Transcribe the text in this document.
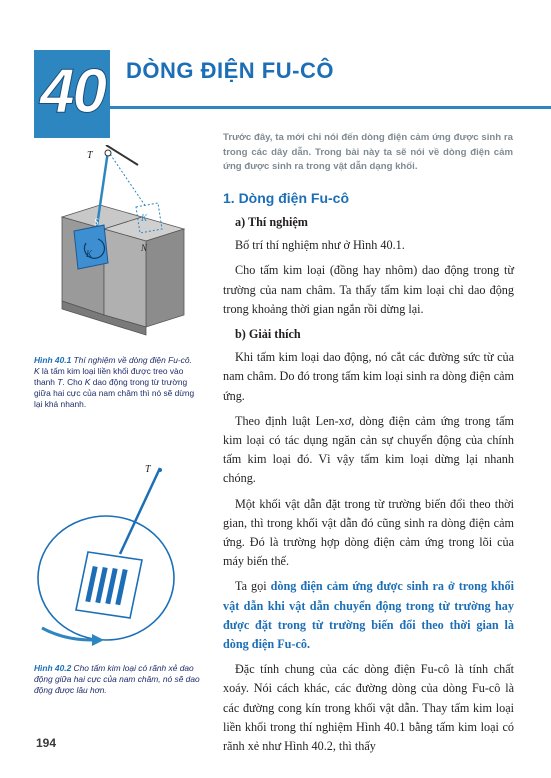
40 DÒNG ĐIỆN FU-CÔ

Trước đây, ta mới chỉ nói đến dòng điện cảm ứng được sinh ra trong các dây dẫn. Trong bài này ta sẽ nói về dòng điện cảm ứng được sinh ra trong vật dẫn dạng khối.

1. Dòng điện Fu-cô

a) Thí nghiệm

Bố trí thí nghiệm như ở Hình 40.1.

Cho tấm kim loại (đồng hay nhôm) dao động trong từ trường của nam châm. Ta thấy tấm kim loại chỉ dao động trong khoảng thời gian ngắn rồi dừng lại.

b) Giải thích

Khi tấm kim loại dao động, nó cắt các đường sức từ của nam châm. Do đó trong tấm kim loại sinh ra dòng điện cảm ứng.

Theo định luật Len-xơ, dòng điện cảm ứng trong tấm kim loại có tác dụng ngăn cản sự chuyển động của chính tấm kim loại đó. Vì vậy tấm kim loại dừng lại nhanh chóng.

Một khối vật dẫn đặt trong từ trường biến đổi theo thời gian, thì trong khối vật dẫn đó cũng sinh ra dòng điện cảm ứng. Đó là trường hợp dòng điện cảm ứng trong lõi của máy biến thế.

Ta gọi dòng điện cảm ứng được sinh ra ở trong khối vật dẫn khi vật dẫn chuyển động trong từ trường hay được đặt trong từ trường biến đổi theo thời gian là dòng điện Fu-cô.

Đặc tính chung của các dòng điện Fu-cô là tính chất xoáy. Nói cách khác, các đường dòng của dòng Fu-cô là các đường cong kín trong khối vật dẫn. Thay tấm kim loại liền khối trong thí nghiệm Hình 40.1 bằng tấm kim loại có rãnh xẻ như Hình 40.2, thì thấy

T
S
N
K
K

Hình 40.1 Thí nghiệm về dòng điện Fu-cô.

K là tấm kim loại liền khối được treo vào thanh T. Cho K dao động trong từ trường giữa hai cực của nam châm thì nó sẽ dừng lại khá nhanh.

T

Hình 40.2 Cho tấm kim loại có rãnh xẻ dao động giữa hai cực của nam châm, nó sẽ dao động được lâu hơn.

194
